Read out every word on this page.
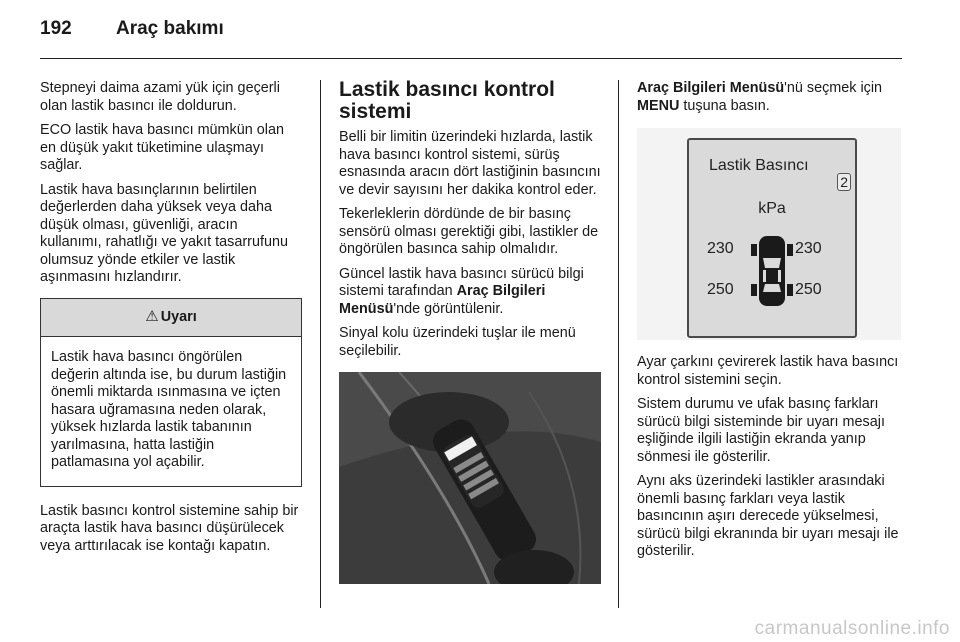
192 Araç bakımı

Stepneyi daima azami yük için geçerli olan lastik basıncı ile doldurun.

ECO lastik hava basıncı mümkün olan en düşük yakıt tüketimine ulaşmayı sağlar.

Lastik hava basınçlarının belirtilen değerlerden daha yüksek veya daha düşük olması, güvenliği, aracın kullanımı, rahatlığı ve yakıt tasarrufunu olumsuz yönde etkiler ve lastik aşınmasını hızlandırır.

⚠ Uyarı
Lastik hava basıncı öngörülen değerin altında ise, bu durum lastiğin önemli miktarda ısınmasına ve içten hasara uğramasına neden olarak, yüksek hızlarda lastik tabanının yarılmasına, hatta lastiğin patlamasına yol açabilir.

Lastik basıncı kontrol sistemine sahip bir araçta lastik hava basıncı düşürülecek veya arttırılacak ise kontağı kapatın.

Lastik basıncı kontrol sistemi

Belli bir limitin üzerindeki hızlarda, lastik hava basıncı kontrol sistemi, sürüş esnasında aracın dört lastiğinin basıncını ve devir sayısını her dakika kontrol eder.

Tekerleklerin dördünde de bir basınç sensörü olması gerektiği gibi, lastikler de öngörülen basınca sahip olmalıdır.

Güncel lastik hava basıncı sürücü bilgi sistemi tarafından Araç Bilgileri Menüsü'nde görüntülenir.

Sinyal kolu üzerindeki tuşlar ile menü seçilebilir.

Araç Bilgileri Menüsü'nü seçmek için MENU tuşuna basın.

Lastik Basıncı
2
kPa
230	230
250	250

Ayar çarkını çevirerek lastik hava basıncı kontrol sistemini seçin.

Sistem durumu ve ufak basınç farkları sürücü bilgi sisteminde bir uyarı mesajı eşliğinde ilgili lastiğin ekranda yanıp sönmesi ile gösterilir.

Aynı aks üzerindeki lastikler arasındaki önemli basınç farkları veya lastik basıncının aşırı derecede yükselmesi, sürücü bilgi ekranında bir uyarı mesajı ile gösterilir.

carmanualsonline.info
